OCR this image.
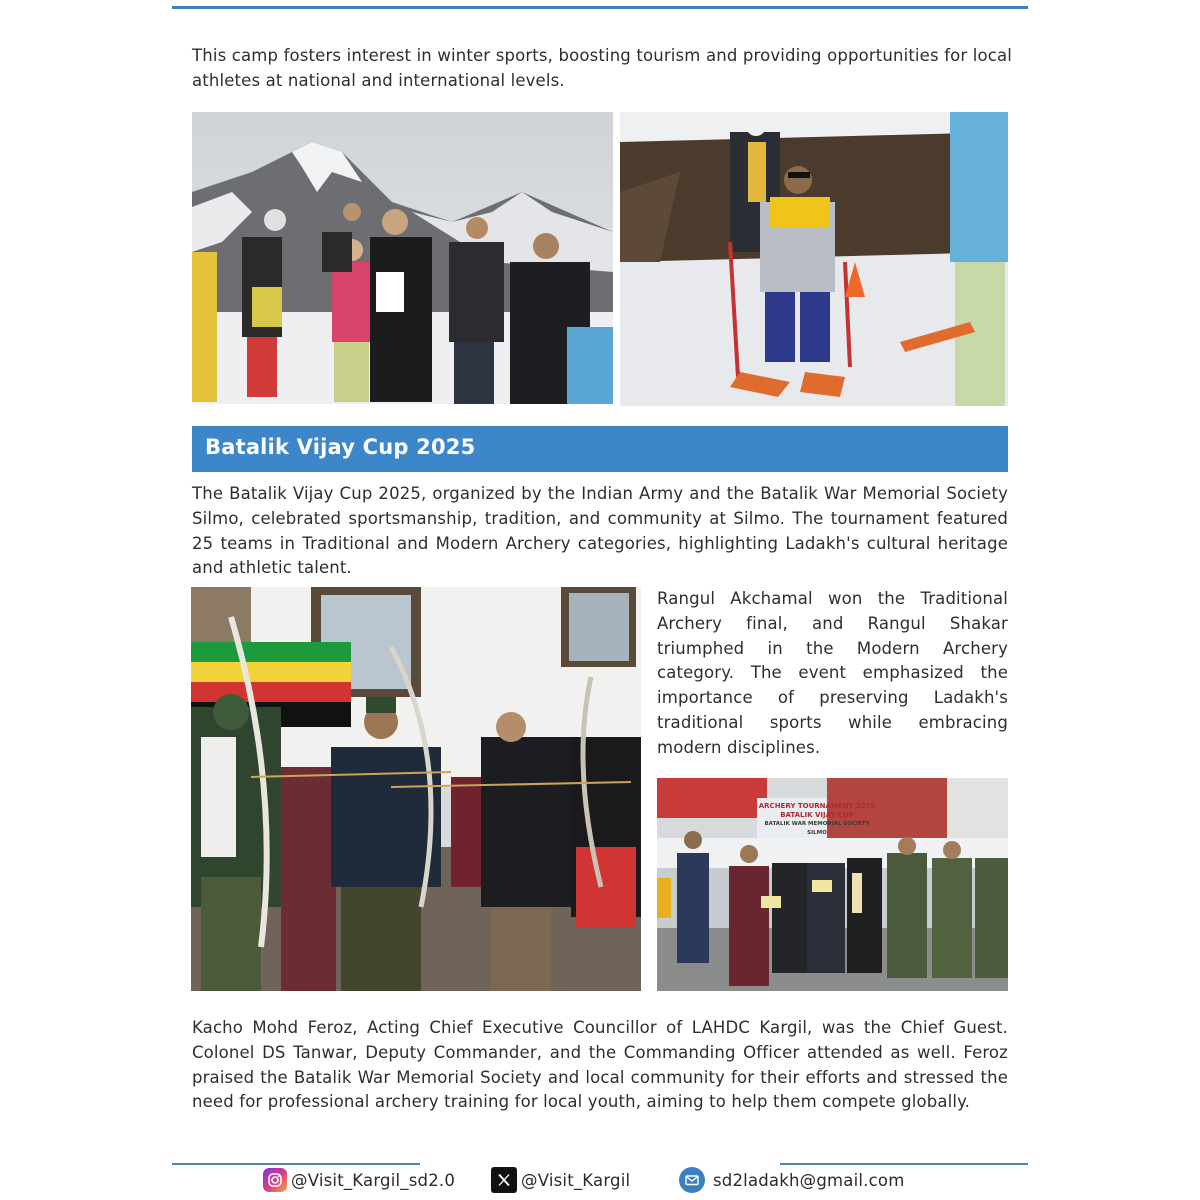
This camp fosters interest in winter sports, boosting tourism and providing opportunities for local athletes at national and international levels.

Batalik Vijay Cup 2025

The Batalik Vijay Cup 2025, organized by the Indian Army and the Batalik War Memorial Society Silmo, celebrated sportsmanship, tradition, and community at Silmo. The tournament featured 25 teams in Traditional and Modern Archery categories, highlighting Ladakh's cultural heritage and athletic talent.

Rangul Akchamal won the Traditional Archery final, and Rangul Shakar triumphed in the Modern Archery category. The event emphasized the importance of preserving Ladakh's traditional sports while embracing modern disciplines.

ARCHERY TOURNAMENT 2025
BATALIK VIJAY CUP
BATALIK WAR MEMORIAL SOCIETY SILMO

Kacho Mohd Feroz, Acting Chief Executive Councillor of LAHDC Kargil, was the Chief Guest. Colonel DS Tanwar, Deputy Commander, and the Commanding Officer attended as well. Feroz praised the Batalik War Memorial Society and local community for their efforts and stressed the need for professional archery training for local youth, aiming to help them compete globally.

@Visit_Kargil_sd2.0	@Visit_Kargil	sd2ladakh@gmail.com
